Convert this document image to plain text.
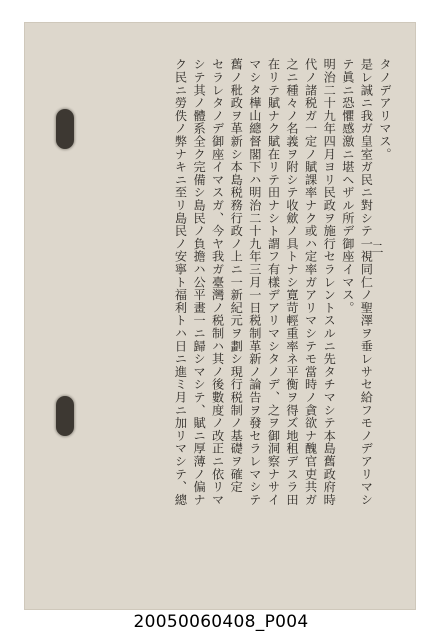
二
タノデアリマス。
是レ誠ニ我ガ皇室ガ民ニ對シテ一視同仁ノ聖澤ヲ垂レサセ給フモノデアリマシ
テ眞ニ恐懼感激ニ堪ヘザル所デ御座イマス。
明治二十九年四月ヨリ民政ヲ施行セラレントスルニ先タチマシテ本島舊政府時
代ノ諸税ガ一定ノ賦課率ナク或ハ定率ガアリマシテモ當時ノ貪欲ナ醜官吏共ガ
之ニ種々ノ名義ヲ附シテ收歛ノ具トナシ寛苛輕重率ネ平衡ヲ得ズ地租デスラ田
在リテ賦ナク賦在リテ田ナシト謂フ有樣デアリマシタノデ、之ヲ御洞察ナサイ
マシタ樺山總督閣下ハ明治二十九年三月一日税制革新ノ論告ヲ發セラレマシテ
舊ノ秕政ヲ革新シ本島税務行政ノ上ニ一新紀元ヲ劃シ現行税制ノ基礎ヲ確定
セラレタノデ御座イマスガ、今ヤ我ガ臺灣ノ税制ハ其ノ後數度ノ改正ニ依リマ
シテ其ノ體系全ク完備シ島民ノ負擔ハ公平畫一ニ歸シマシテ、賦ニ厚薄ノ偏ナ
ク民ニ勞佚ノ弊ナキニ至リ島民ノ安寧ト福利トハ日ニ進ミ月ニ加リマシテ、總
20050060408_P004
